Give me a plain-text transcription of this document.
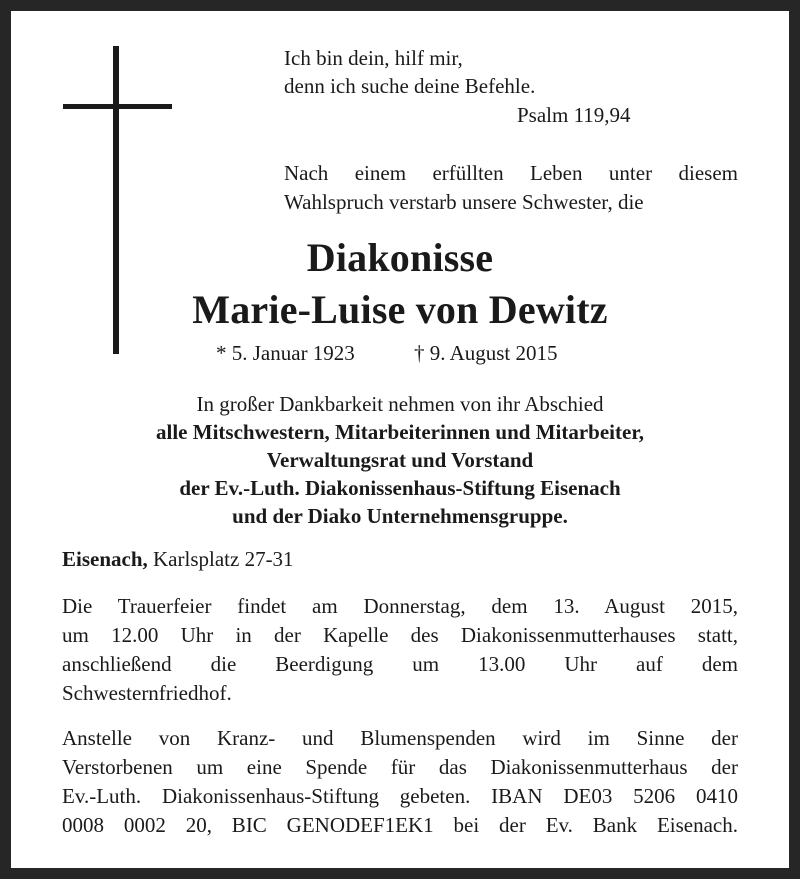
Ich bin dein, hilf mir,
denn ich suche deine Befehle.
Psalm 119,94
Nach einem erfüllten Leben unter diesem
Wahlspruch verstarb unsere Schwester, die
Diakonisse
Marie-Luise von Dewitz
* 5. Januar 1923	† 9. August 2015
In großer Dankbarkeit nehmen von ihr Abschied
alle Mitschwestern, Mitarbeiterinnen und Mitarbeiter,
Verwaltungsrat und Vorstand
der Ev.-Luth. Diakonissenhaus-Stiftung Eisenach
und der Diako Unternehmensgruppe.
Eisenach, Karlsplatz 27-31
Die Trauerfeier findet am Donnerstag, dem 13. August 2015,
um 12.00 Uhr in der Kapelle des Diakonissenmutterhauses statt,
anschließend die Beerdigung um 13.00 Uhr auf dem
Schwesternfriedhof.
Anstelle von Kranz- und Blumenspenden wird im Sinne der
Verstorbenen um eine Spende für das Diakonissenmutterhaus der
Ev.-Luth. Diakonissenhaus-Stiftung gebeten. IBAN DE03 5206 0410
0008 0002 20, BIC GENODEF1EK1 bei der Ev. Bank Eisenach.
